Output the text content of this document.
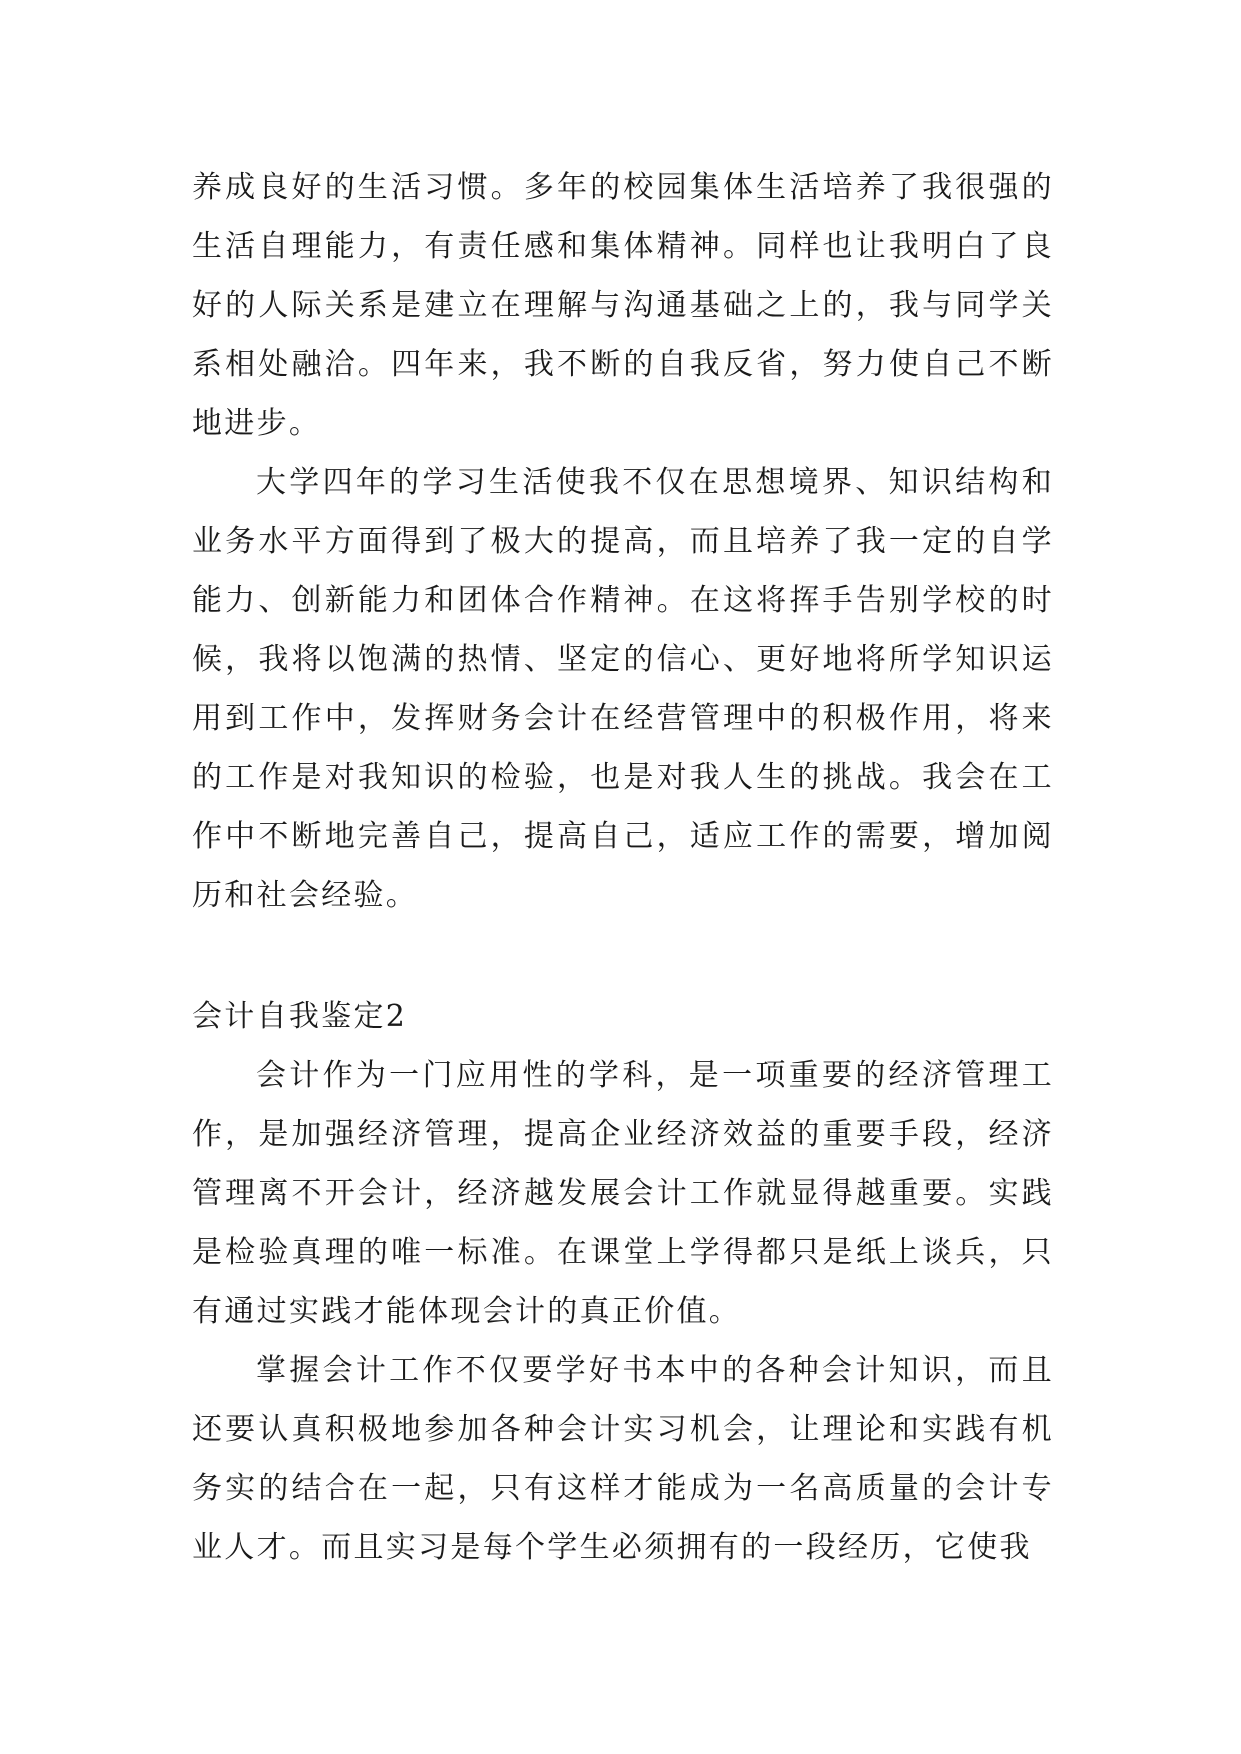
养成良好的生活习惯。多年的校园集体生活培养了我很强的生活自理能力，有责任感和集体精神。同样也让我明白了良好的人际关系是建立在理解与沟通基础之上的，我与同学关系相处融洽。四年来，我不断的自我反省，努力使自己不断地进步。

大学四年的学习生活使我不仅在思想境界、知识结构和业务水平方面得到了极大的提高，而且培养了我一定的自学能力、创新能力和团体合作精神。在这将挥手告别学校的时候，我将以饱满的热情、坚定的信心、更好地将所学知识运用到工作中，发挥财务会计在经营管理中的积极作用，将来的工作是对我知识的检验，也是对我人生的挑战。我会在工作中不断地完善自己，提高自己，适应工作的需要，增加阅历和社会经验。

会计自我鉴定2

会计作为一门应用性的学科，是一项重要的经济管理工作，是加强经济管理，提高企业经济效益的重要手段，经济管理离不开会计，经济越发展会计工作就显得越重要。实践是检验真理的唯一标准。在课堂上学得都只是纸上谈兵，只有通过实践才能体现会计的真正价值。

掌握会计工作不仅要学好书本中的各种会计知识，而且还要认真积极地参加各种会计实习机会，让理论和实践有机务实的结合在一起，只有这样才能成为一名高质量的会计专业人才。而且实习是每个学生必须拥有的一段经历，它使我
